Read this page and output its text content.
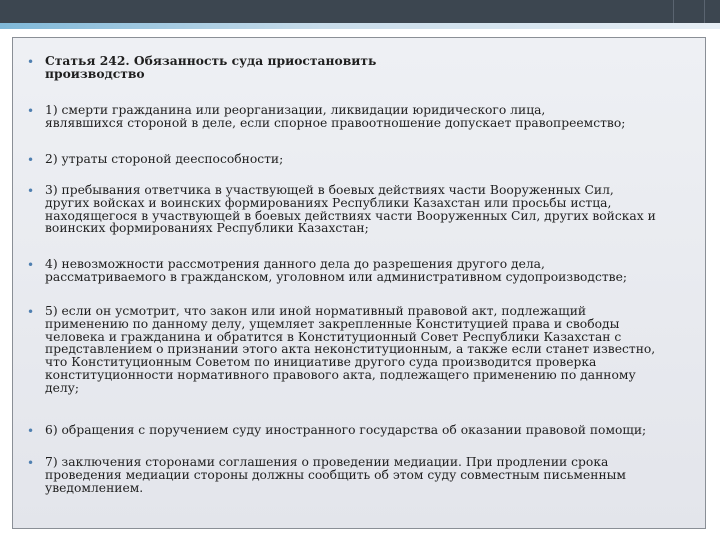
• Статья 242. Обязанность суда приостановить
производство

• 1) смерти гражданина или реорганизации, ликвидации юридического лица,
являвшихся стороной в деле, если спорное правоотношение допускает правопреемство;

• 2) утраты стороной дееспособности;

• 3) пребывания ответчика в участвующей в боевых действиях части Вооруженных Сил,
других войсках и воинских формированиях Республики Казахстан или просьбы истца,
находящегося в участвующей в боевых действиях части Вооруженных Сил, других войсках и
воинских формированиях Республики Казахстан;

• 4) невозможности рассмотрения данного дела до разрешения другого дела,
рассматриваемого в гражданском, уголовном или административном судопроизводстве;

• 5) если он усмотрит, что закон или иной нормативный правовой акт, подлежащий
применению по данному делу, ущемляет закрепленные Конституцией права и свободы
человека и гражданина и обратится в Конституционный Совет Республики Казахстан с
представлением о признании этого акта неконституционным, а также если станет известно,
что Конституционным Советом по инициативе другого суда производится проверка
конституционности нормативного правового акта, подлежащего применению по данному
делу;

• 6) обращения с поручением суду иностранного государства об оказании правовой помощи;

• 7) заключения сторонами соглашения о проведении медиации. При продлении срока
проведения медиации стороны должны сообщить об этом суду совместным письменным
уведомлением.
